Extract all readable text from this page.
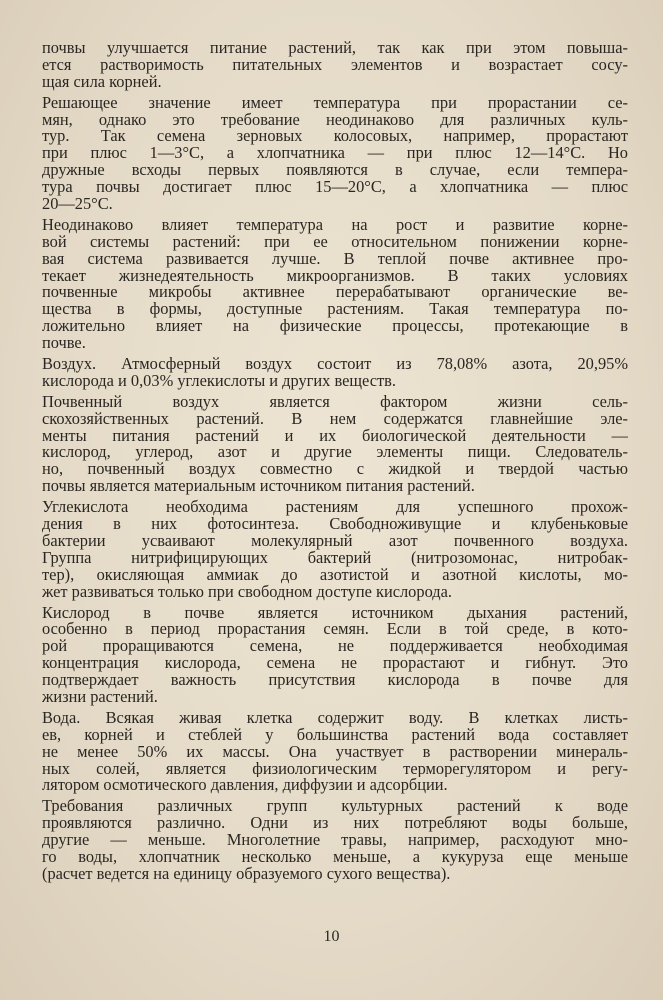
почвы улучшается питание растений, так как при этом повыша-
ется растворимость питательных элементов и возрастает сосу-
щая сила корней.
Решающее значение имеет температура при прорастании се-
мян, однако это требование неодинаково для различных куль-
тур. Так семена зерновых колосовых, например, прорастают
при плюс 1—3°С, а хлопчатника — при плюс 12—14°С. Но
дружные всходы первых появляются в случае, если темпера-
тура почвы достигает плюс 15—20°С, а хлопчатника — плюс
20—25°С.
Неодинаково влияет температура на рост и развитие корне-
вой системы растений: при ее относительном понижении корне-
вая система развивается лучше. В теплой почве активнее про-
текает жизнедеятельность микроорганизмов. В таких условиях
почвенные микробы активнее перерабатывают органические ве-
щества в формы, доступные растениям. Такая температура по-
ложительно влияет на физические процессы, протекающие в
почве.
Воздух. Атмосферный воздух состоит из 78,08% азота, 20,95%
кислорода и 0,03% углекислоты и других веществ.
Почвенный воздух является фактором жизни сель-
скохозяйственных растений. В нем содержатся главнейшие эле-
менты питания растений и их биологической деятельности —
кислород, углерод, азот и другие элементы пищи. Следователь-
но, почвенный воздух совместно с жидкой и твердой частью
почвы является материальным источником питания растений.
Углекислота необходима растениям для успешного прохож-
дения в них фотосинтеза. Свободноживущие и клубеньковые
бактерии усваивают молекулярный азот почвенного воздуха.
Группа нитрифицирующих бактерий (нитрозомонас, нитробак-
тер), окисляющая аммиак до азотистой и азотной кислоты, мо-
жет развиваться только при свободном доступе кислорода.
Кислород в почве является источником дыхания растений,
особенно в период прорастания семян. Если в той среде, в кото-
рой проращиваются семена, не поддерживается необходимая
концентрация кислорода, семена не прорастают и гибнут. Это
подтверждает важность присутствия кислорода в почве для
жизни растений.
Вода. Всякая живая клетка содержит воду. В клетках листь-
ев, корней и стеблей у большинства растений вода составляет
не менее 50% их массы. Она участвует в растворении минераль-
ных солей, является физиологическим терморегулятором и регу-
лятором осмотического давления, диффузии и адсорбции.
Требования различных групп культурных растений к воде
проявляются различно. Одни из них потребляют воды больше,
другие — меньше. Многолетние травы, например, расходуют мно-
го воды, хлопчатник несколько меньше, а кукуруза еще меньше
(расчет ведется на единицу образуемого сухого вещества).
10
